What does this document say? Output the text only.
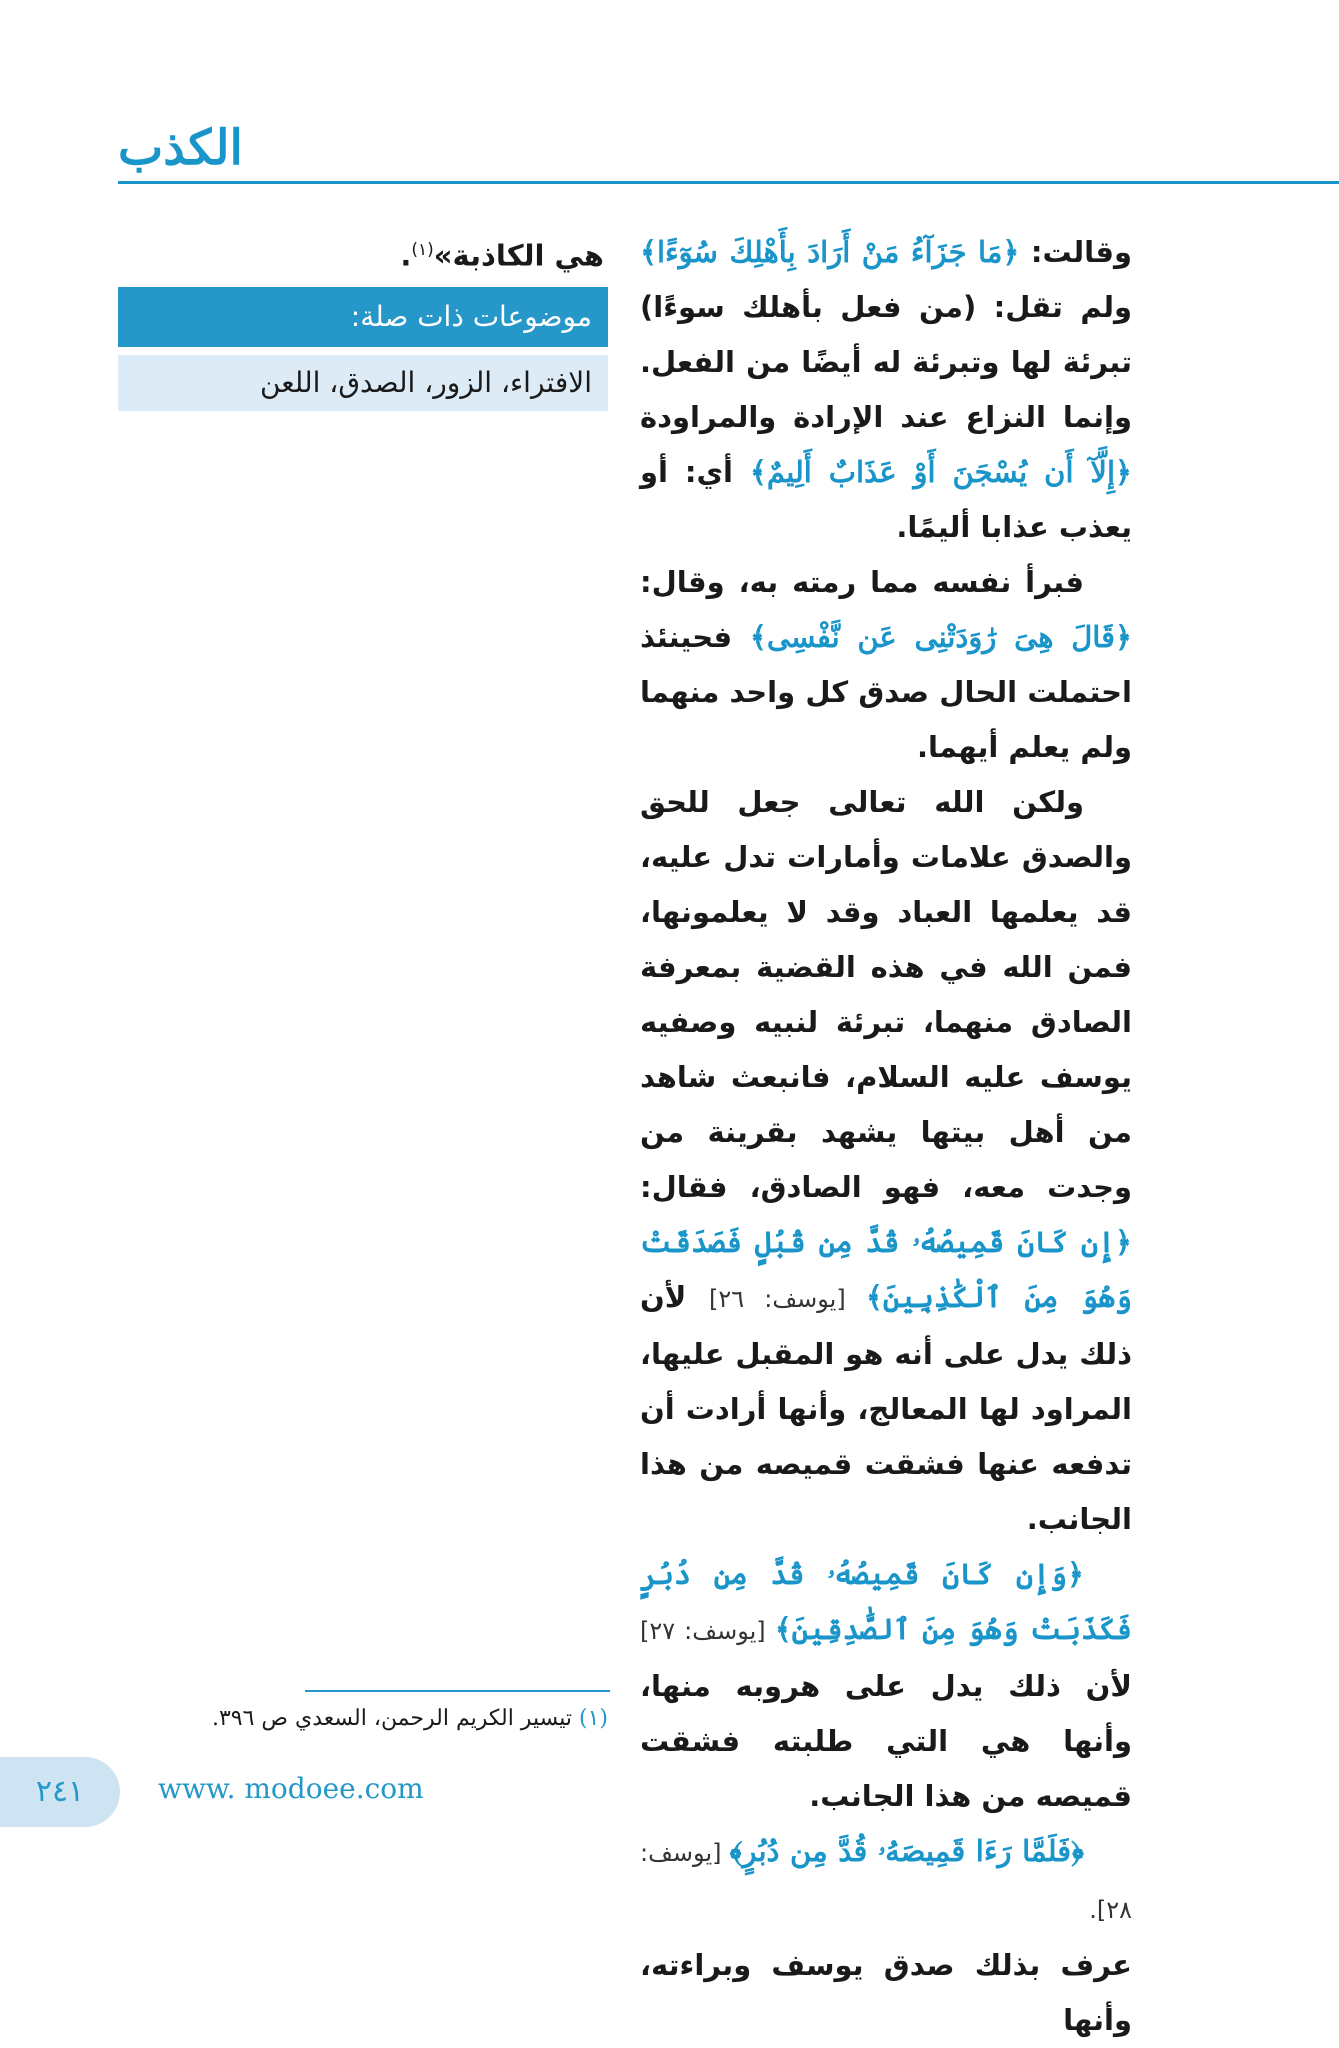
الكذب

وقالت: ﴿مَا جَزَآءُ مَنْ أَرَادَ بِأَهْلِكَ سُوٓءًا﴾ ولم تقل: (من فعل بأهلك سوءًا) تبرئة لها وتبرئة له أيضًا من الفعل. وإنما النزاع عند الإرادة والمراودة ﴿إِلَّآ أَن يُسْجَنَ أَوْ عَذَابٌ أَلِيمٌ﴾ أي: أو يعذب عذابا أليمًا.

فبرأ نفسه مما رمته به، وقال: ﴿قَالَ هِىَ رَٰوَدَتْنِى عَن نَّفْسِى﴾ فحينئذ احتملت الحال صدق كل واحد منهما ولم يعلم أيهما.

ولكن الله تعالى جعل للحق والصدق علامات وأمارات تدل عليه، قد يعلمها العباد وقد لا يعلمونها، فمن الله في هذه القضية بمعرفة الصادق منهما، تبرئة لنبيه وصفيه يوسف عليه السلام، فانبعث شاهد من أهل بيتها يشهد بقرينة من وجدت معه، فهو الصادق، فقال: ﴿إِن كَانَ قَمِيصُهُۥ قُدَّ مِن قُبُلٍ فَصَدَقَتْ وَهُوَ مِنَ ٱلْكَٰذِبِينَ﴾ [يوسف: ٢٦] لأن ذلك يدل على أنه هو المقبل عليها، المراود لها المعالج، وأنها أرادت أن تدفعه عنها فشقت قميصه من هذا الجانب.

﴿وَإِن كَانَ قَمِيصُهُۥ قُدَّ مِن دُبُرٍ فَكَذَبَتْ وَهُوَ مِنَ ٱلصَّٰدِقِينَ﴾ [يوسف: ٢٧] لأن ذلك يدل على هروبه منها، وأنها هي التي طلبته فشقت قميصه من هذا الجانب.

﴿فَلَمَّا رَءَا قَمِيصَهُۥ قُدَّ مِن دُبُرٍ﴾ [يوسف: ٢٨].

عرف بذلك صدق يوسف وبراءته، وأنها

هي الكاذبة»$^{(١)}$.
موضوعات ذات صلة:
الافتراء، الزور، الصدق، اللعن
(١) تيسير الكريم الرحمن، السعدي ص ٣٩٦.
٢٤١	www. modoee.com
